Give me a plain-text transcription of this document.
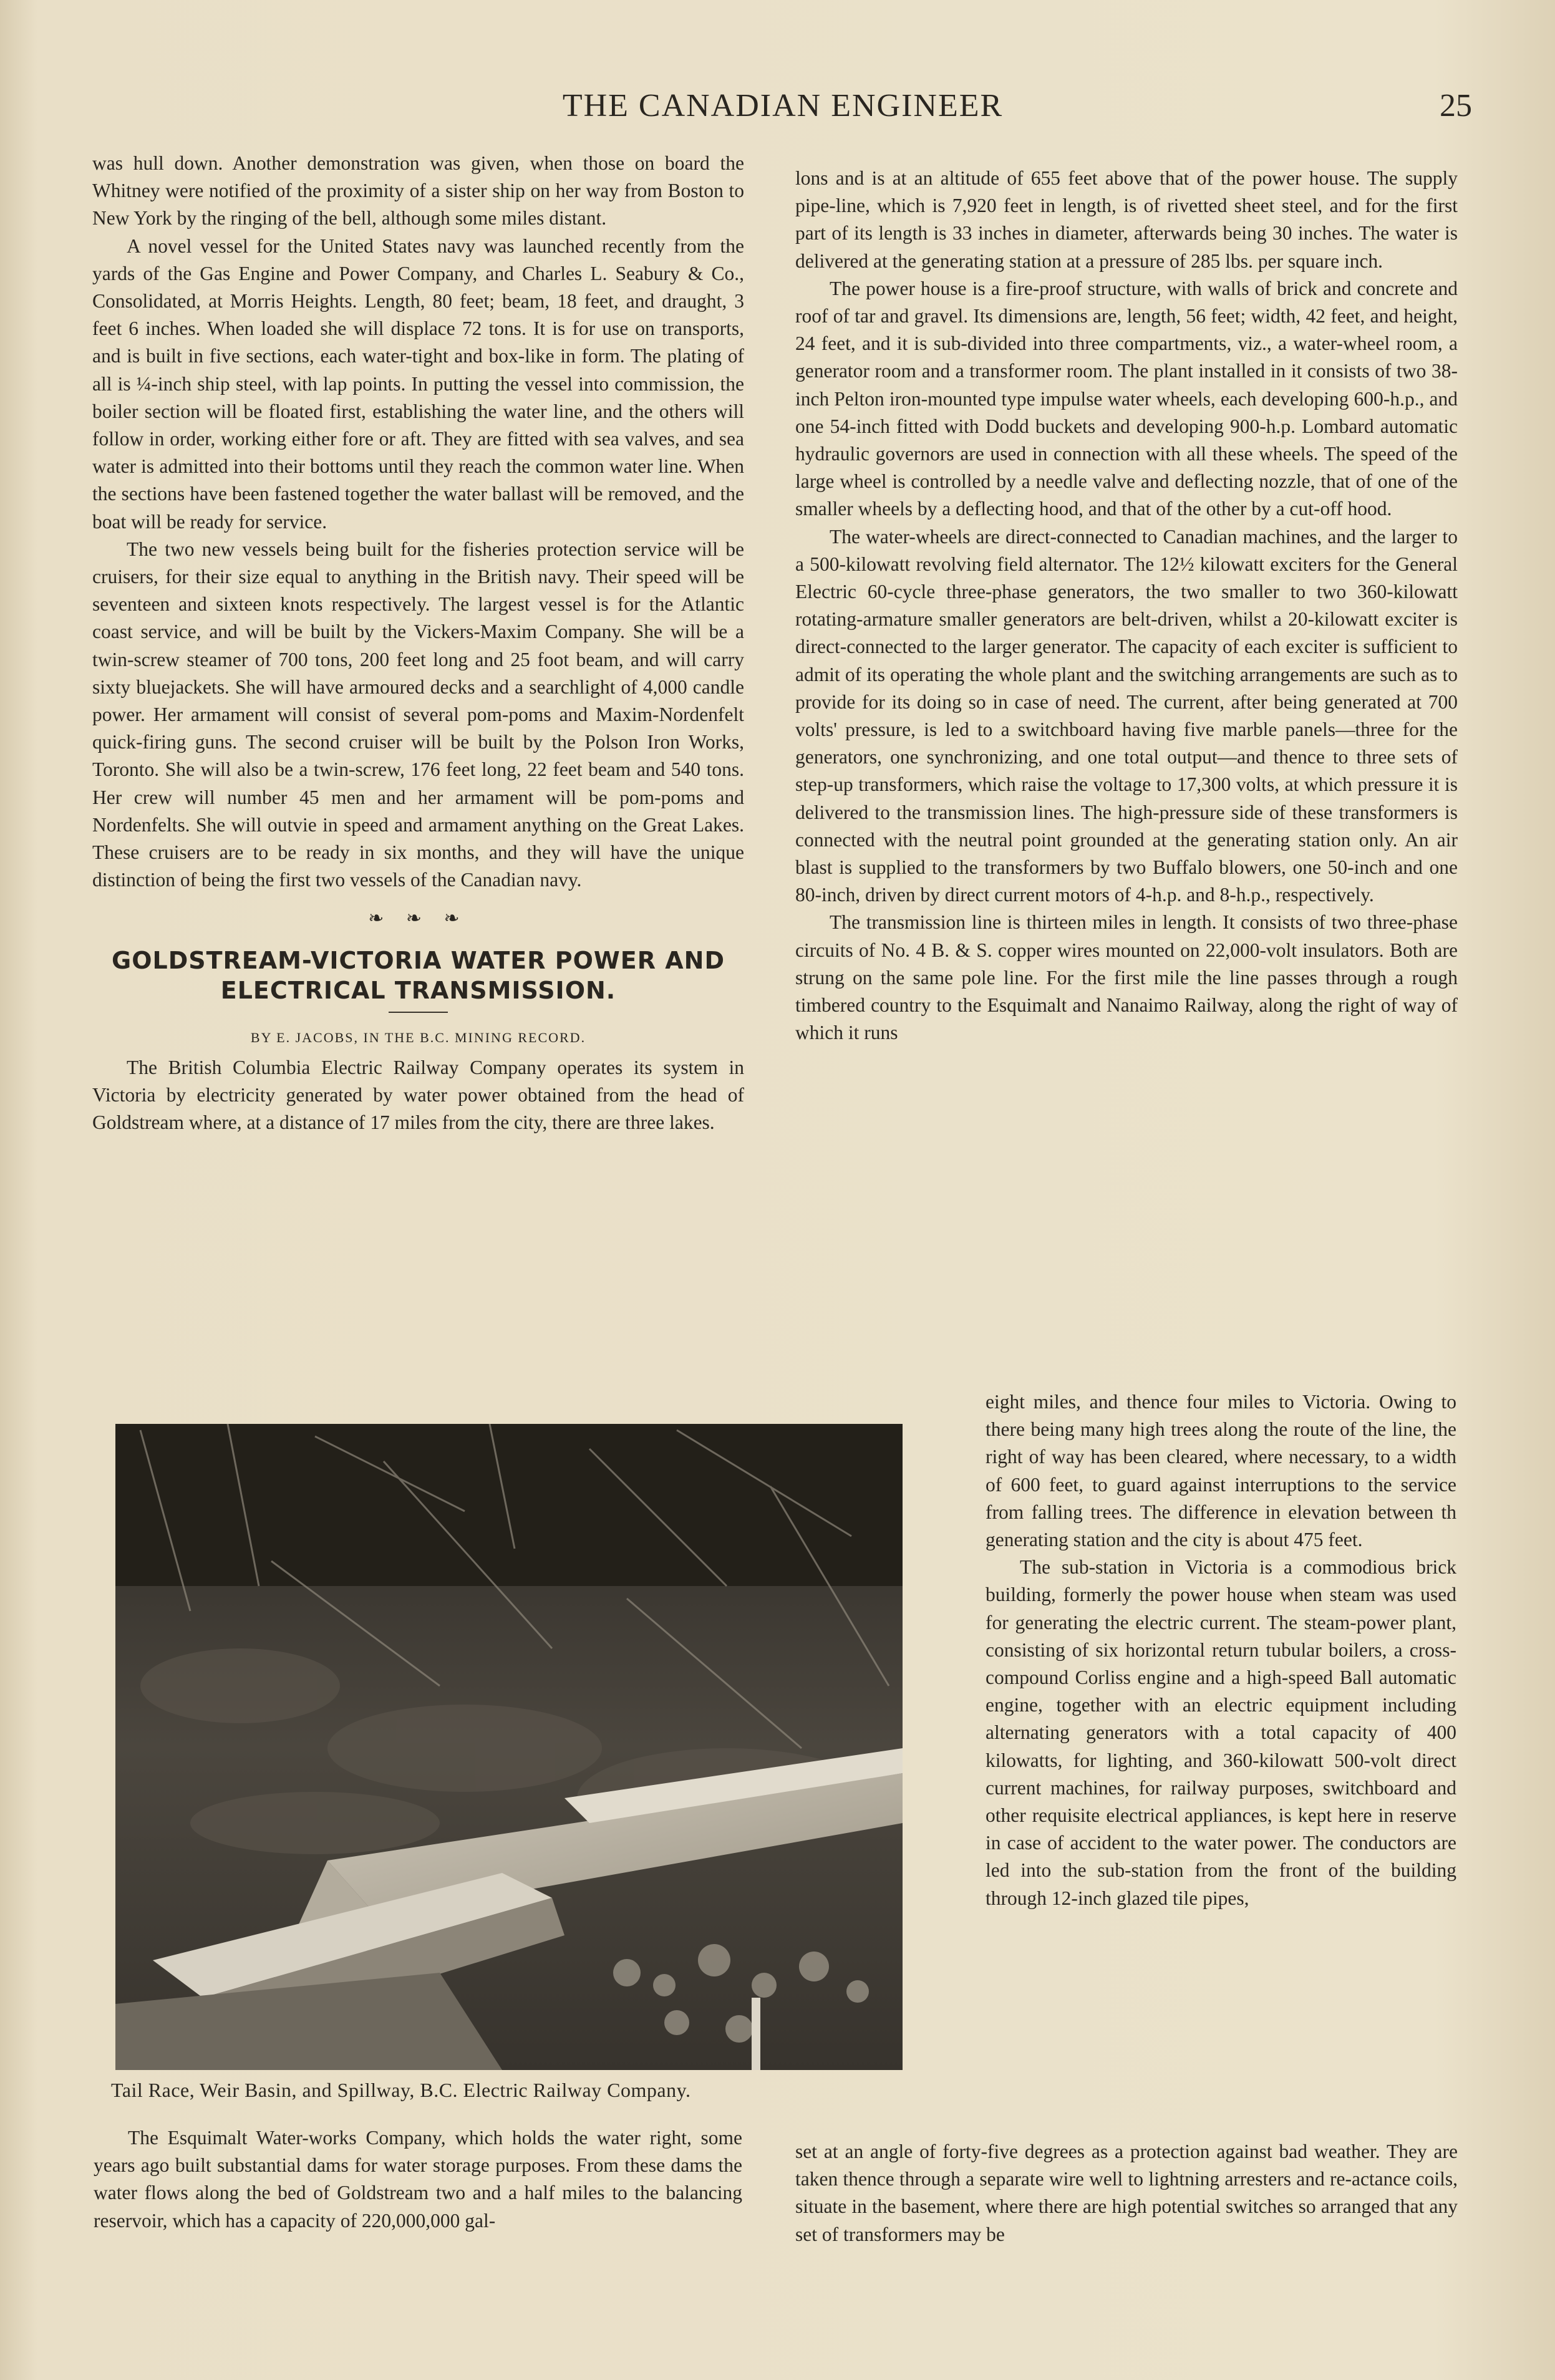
THE CANADIAN ENGINEER	25

was hull down. Another demonstration was given, when those on board the Whitney were notified of the proximity of a sister ship on her way from Boston to New York by the ringing of the bell, although some miles distant.

A novel vessel for the United States navy was launched recently from the yards of the Gas Engine and Power Company, and Charles L. Seabury & Co., Consolidated, at Morris Heights. Length, 80 feet; beam, 18 feet, and draught, 3 feet 6 inches. When loaded she will displace 72 tons. It is for use on transports, and is built in five sections, each water-tight and box-like in form. The plating of all is ¼-inch ship steel, with lap points. In putting the vessel into commission, the boiler section will be floated first, establishing the water line, and the others will follow in order, working either fore or aft. They are fitted with sea valves, and sea water is admitted into their bottoms until they reach the common water line. When the sections have been fastened together the water ballast will be removed, and the boat will be ready for service.

The two new vessels being built for the fisheries protection service will be cruisers, for their size equal to anything in the British navy. Their speed will be seventeen and sixteen knots respectively. The largest vessel is for the Atlantic coast service, and will be built by the Vickers-Maxim Company. She will be a twin-screw steamer of 700 tons, 200 feet long and 25 foot beam, and will carry sixty bluejackets. She will have armoured decks and a searchlight of 4,000 candle power. Her armament will consist of several pom-poms and Maxim-Nordenfelt quick-firing guns. The second cruiser will be built by the Polson Iron Works, Toronto. She will also be a twin-screw, 176 feet long, 22 feet beam and 540 tons. Her crew will number 45 men and her armament will be pom-poms and Nordenfelts. She will outvie in speed and armament anything on the Great Lakes. These cruisers are to be ready in six months, and they will have the unique distinction of being the first two vessels of the Canadian navy.

❧ ❧ ❧
GOLDSTREAM-VICTORIA WATER POWER AND
ELECTRICAL TRANSMISSION.
BY E. JACOBS, IN THE B.C. MINING RECORD.

The British Columbia Electric Railway Company operates its system in Victoria by electricity generated by water power obtained from the head of Goldstream where, at a distance of 17 miles from the city, there are three lakes.

Tail Race, Weir Basin, and Spillway, B.C. Electric Railway Company.

The Esquimalt Water-works Company, which holds the water right, some years ago built substantial dams for water storage purposes. From these dams the water flows along the bed of Goldstream two and a half miles to the balancing reservoir, which has a capacity of 220,000,000 gal-

lons and is at an altitude of 655 feet above that of the power house. The supply pipe-line, which is 7,920 feet in length, is of rivetted sheet steel, and for the first part of its length is 33 inches in diameter, afterwards being 30 inches. The water is delivered at the generating station at a pressure of 285 lbs. per square inch.

The power house is a fire-proof structure, with walls of brick and concrete and roof of tar and gravel. Its dimensions are, length, 56 feet; width, 42 feet, and height, 24 feet, and it is sub-divided into three compartments, viz., a water-wheel room, a generator room and a transformer room. The plant installed in it consists of two 38-inch Pelton iron-mounted type impulse water wheels, each developing 600-h.p., and one 54-inch fitted with Dodd buckets and developing 900-h.p. Lombard automatic hydraulic governors are used in connection with all these wheels. The speed of the large wheel is controlled by a needle valve and deflecting nozzle, that of one of the smaller wheels by a deflecting hood, and that of the other by a cut-off hood.

The water-wheels are direct-connected to Canadian machines, and the larger to a 500-kilowatt revolving field alternator. The 12½ kilowatt exciters for the General Electric 60-cycle three-phase generators, the two smaller to two 360-kilowatt rotating-armature smaller generators are belt-driven, whilst a 20-kilowatt exciter is direct-connected to the larger generator. The capacity of each exciter is sufficient to admit of its operating the whole plant and the switching arrangements are such as to provide for its doing so in case of need. The current, after being generated at 700 volts' pressure, is led to a switchboard having five marble panels—three for the generators, one synchronizing, and one total output—and thence to three sets of step-up transformers, which raise the voltage to 17,300 volts, at which pressure it is delivered to the transmission lines. The high-pressure side of these transformers is connected with the neutral point grounded at the generating station only. An air blast is supplied to the transformers by two Buffalo blowers, one 50-inch and one 80-inch, driven by direct current motors of 4-h.p. and 8-h.p., respectively.

The transmission line is thirteen miles in length. It consists of two three-phase circuits of No. 4 B. & S. copper wires mounted on 22,000-volt insulators. Both are strung on the same pole line. For the first mile the line passes through a rough timbered country to the Esquimalt and Nanaimo Railway, along the right of way of which it runs

eight miles, and thence four miles to Victoria. Owing to there being many high trees along the route of the line, the right of way has been cleared, where necessary, to a width of 600 feet, to guard against interruptions to the service from falling trees. The difference in elevation between th generating station and the city is about 475 feet.

The sub-station in Victoria is a commodious brick building, formerly the power house when steam was used for generating the electric current. The steam-power plant, consisting of six horizontal return tubular boilers, a cross-compound Corliss engine and a high-speed Ball automatic engine, together with an electric equipment including alternating generators with a total capacity of 400 kilowatts, for lighting, and 360-kilowatt 500-volt direct current machines, for railway purposes, switchboard and other requisite electrical appliances, is kept here in reserve in case of accident to the water power. The conductors are led into the sub-station from the front of the building through 12-inch glazed tile pipes,

set at an angle of forty-five degrees as a protection against bad weather. They are taken thence through a separate wire well to lightning arresters and re-actance coils, situate in the basement, where there are high potential switches so arranged that any set of transformers may be
